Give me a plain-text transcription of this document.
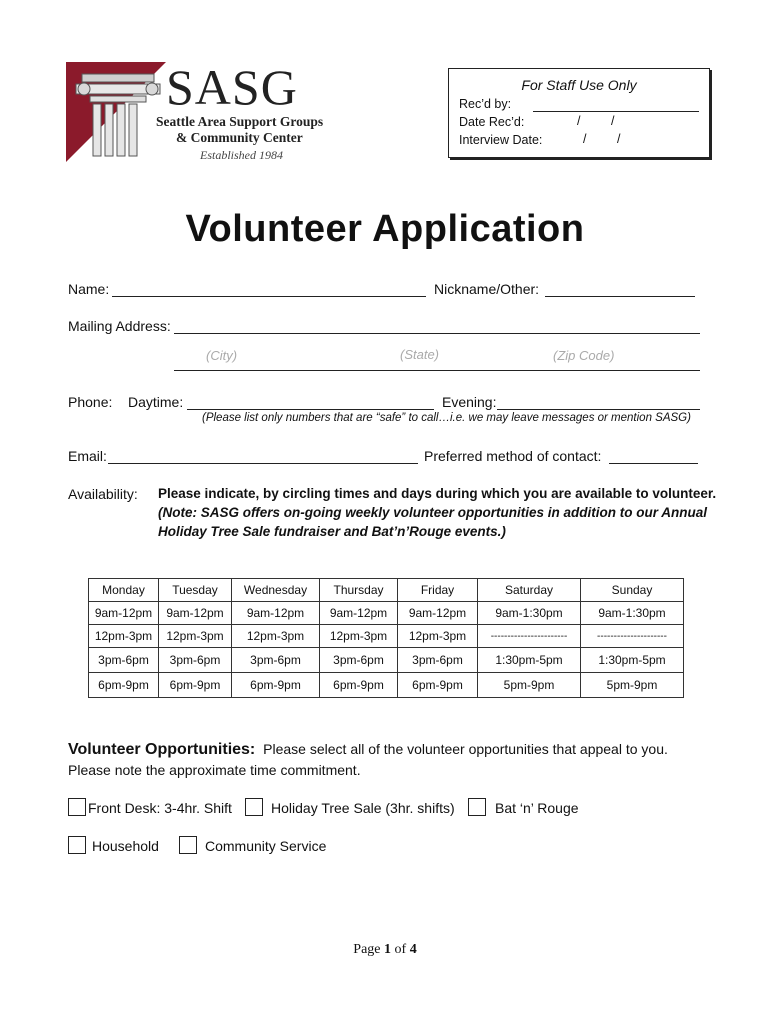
SASG
Seattle Area Support Groups
& Community Center
Established 1984
For Staff Use Only
Rec’d by:
Date Rec’d:	/ /
Interview Date:	/ /
Volunteer Application
Name:	Nickname/Other:
Mailing Address:
(City)	(State)	(Zip Code)
Phone: Daytime:	Evening:
(Please list only numbers that are “safe” to call…i.e. we may leave messages or mention SASG)
Email:	Preferred method of contact:
Availability: Please indicate, by circling times and days during which you are available to volunteer.
(Note: SASG offers on-going weekly volunteer opportunities in addition to our Annual
Holiday Tree Sale fundraiser and Bat’n’Rouge events.)
Monday	Tuesday	Wednesday	Thursday	Friday	Saturday	Sunday
9am-12pm	9am-12pm	9am-12pm	9am-12pm	9am-12pm	9am-1:30pm	9am-1:30pm
12pm-3pm	12pm-3pm	12pm-3pm	12pm-3pm	12pm-3pm	-----------------------	---------------------
3pm-6pm	3pm-6pm	3pm-6pm	3pm-6pm	3pm-6pm	1:30pm-5pm	1:30pm-5pm
6pm-9pm	6pm-9pm	6pm-9pm	6pm-9pm	6pm-9pm	5pm-9pm	5pm-9pm
Volunteer Opportunities: Please select all of the volunteer opportunities that appeal to you.
Please note the approximate time commitment.
Front Desk: 3-4hr. Shift	Holiday Tree Sale (3hr. shifts)	Bat ‘n’ Rouge
Household	Community Service
Page 1 of 4
